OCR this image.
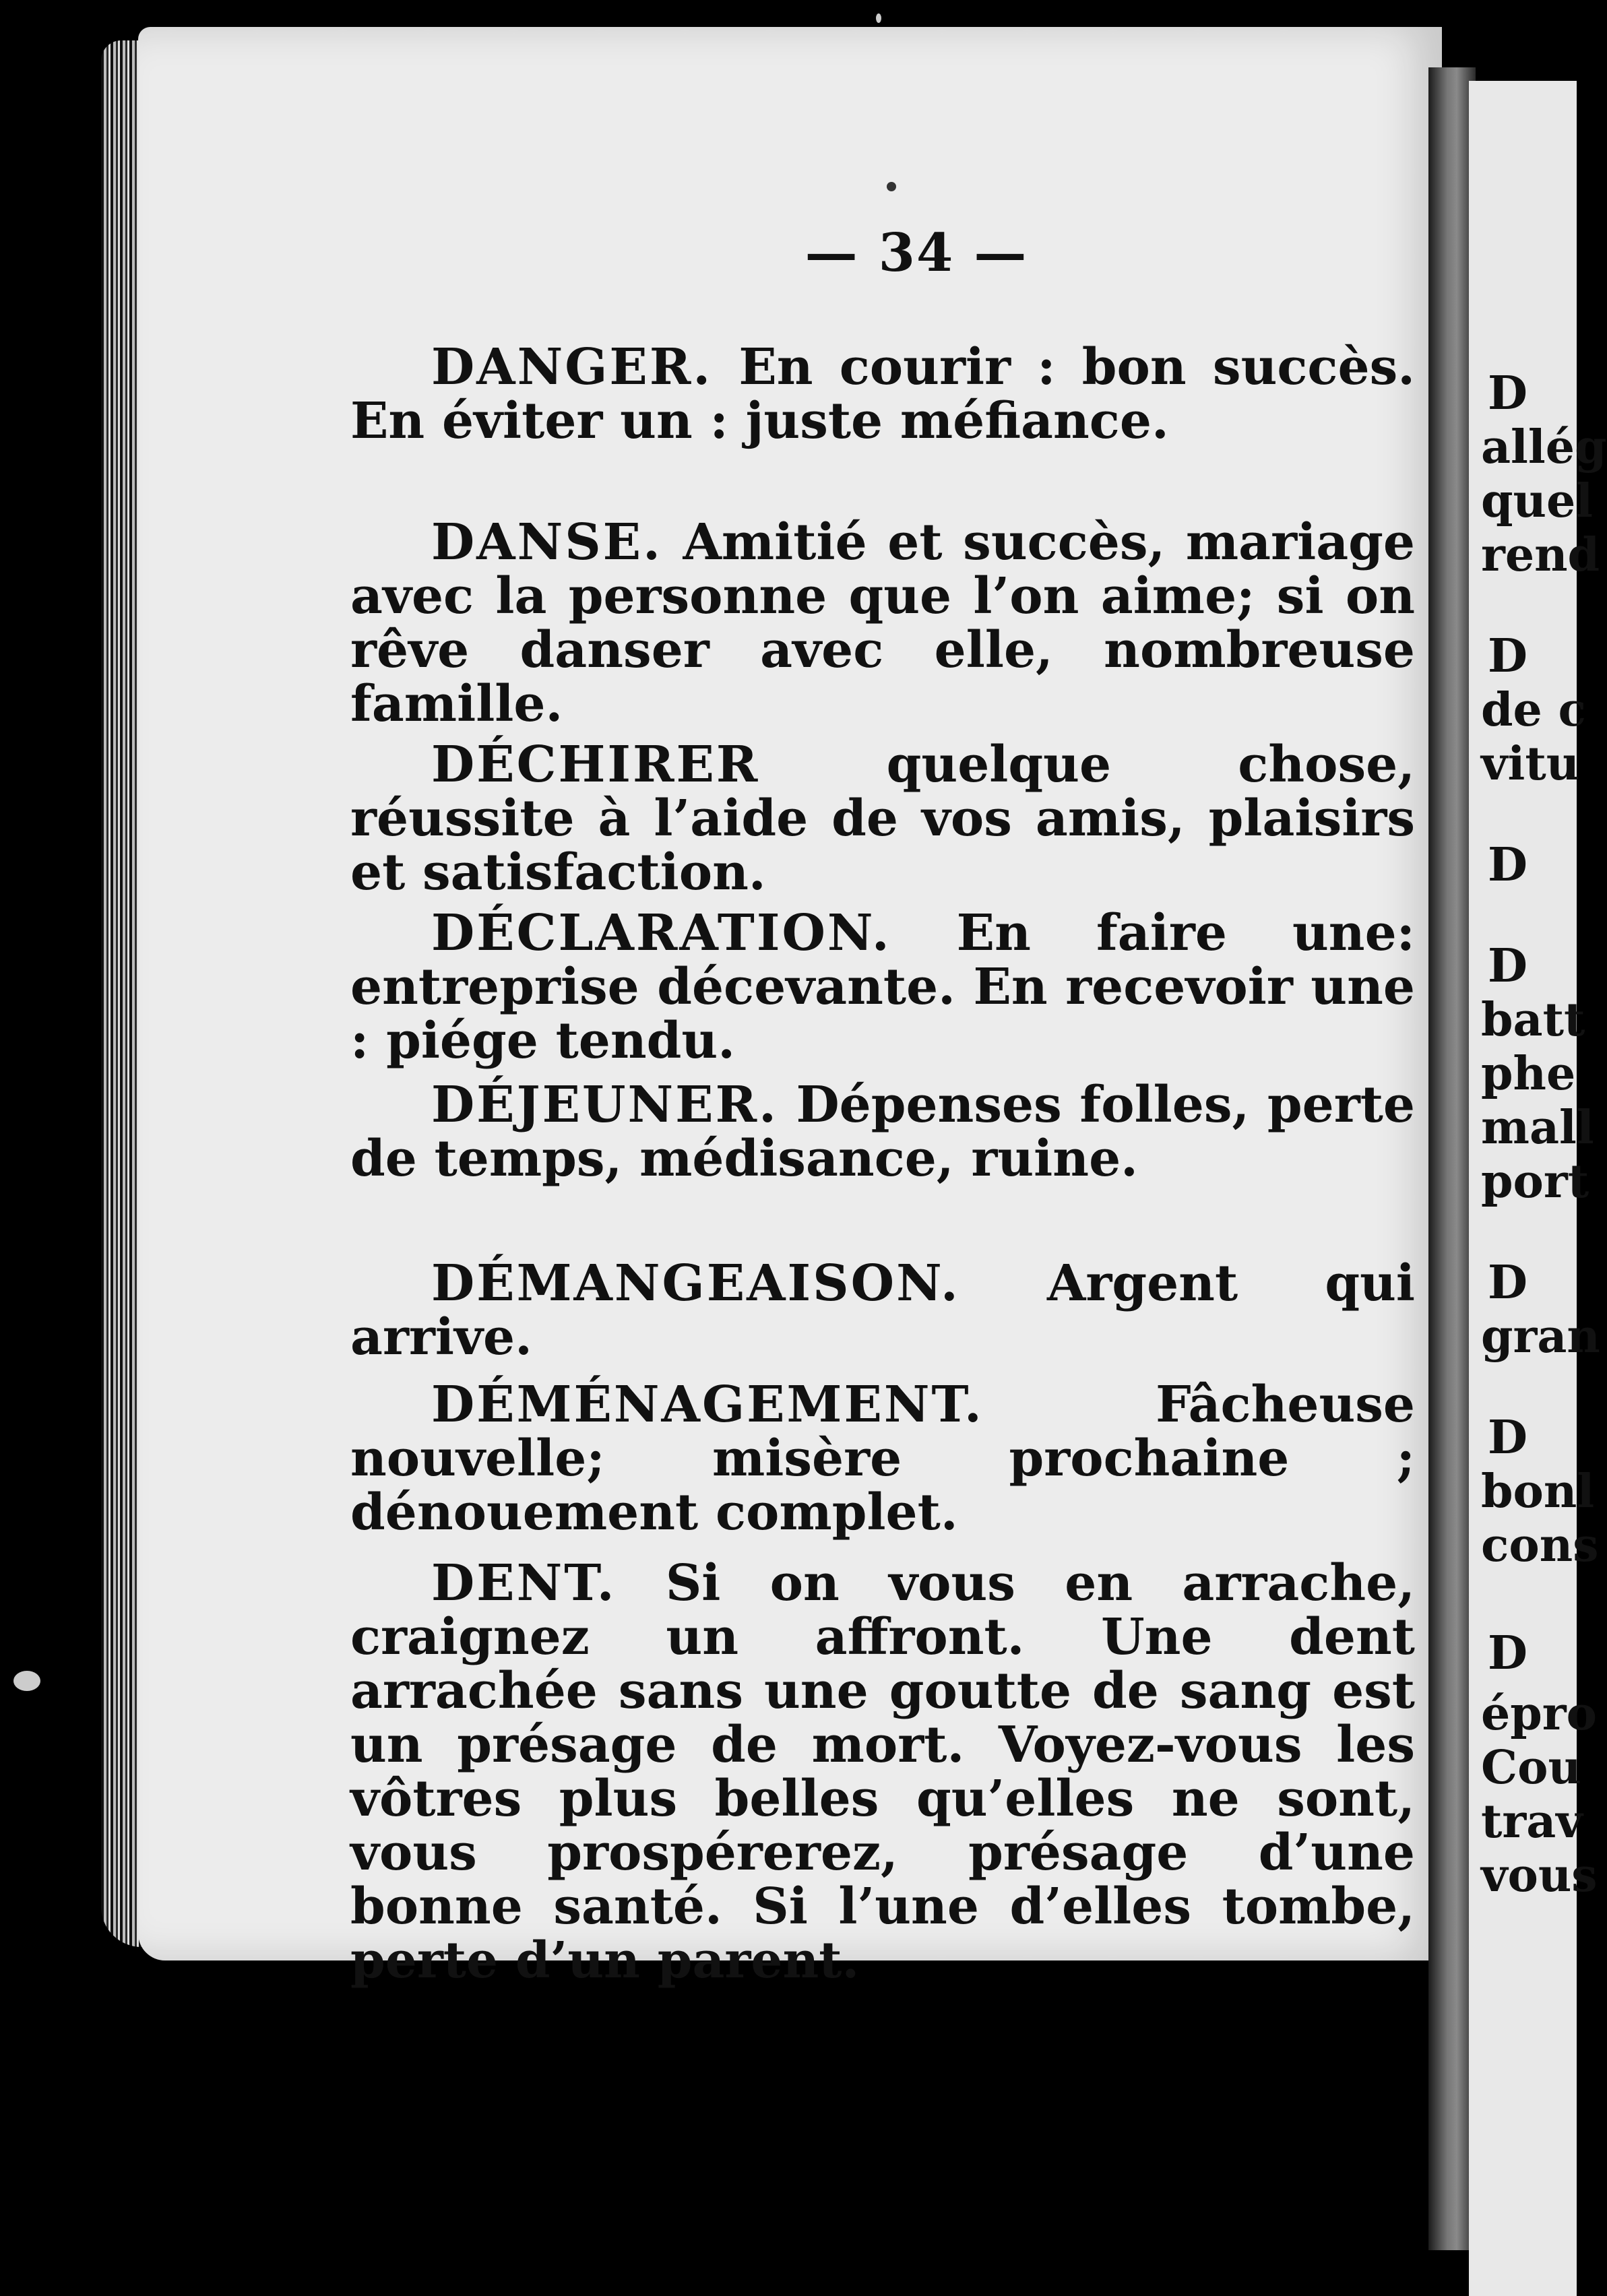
D
allég
quel
rend
D
de c
vitu
D
D
batt
phe
mall
port
D
gran
D
bonl
cons
D
épro
Cou
trav
vous
— 34 —
DANGER. En courir : bon succès. En éviter un : juste méfiance.
DANSE. Amitié et succès, mariage avec la personne que l’on aime; si on rêve danser avec elle, nombreuse famille.
DÉCHIRER quelque chose, réussite à l’aide de vos amis, plaisirs et satisfaction.
DÉCLARATION. En faire une: entreprise décevante. En recevoir une : piége tendu.
DÉJEUNER. Dépenses folles, perte de temps, médisance, ruine.
DÉMANGEAISON. Argent qui arrive.
DÉMÉNAGEMENT. Fâcheuse nouvelle; misère prochaine ; dénouement complet.
DENT. Si on vous en arrache, craignez un affront. Une dent arrachée sans une goutte de sang est un présage de mort. Voyez-vous les vôtres plus belles qu’elles ne sont, vous prospérerez, présage d’une bonne santé. Si l’une d’elles tombe, perte d’un parent.
